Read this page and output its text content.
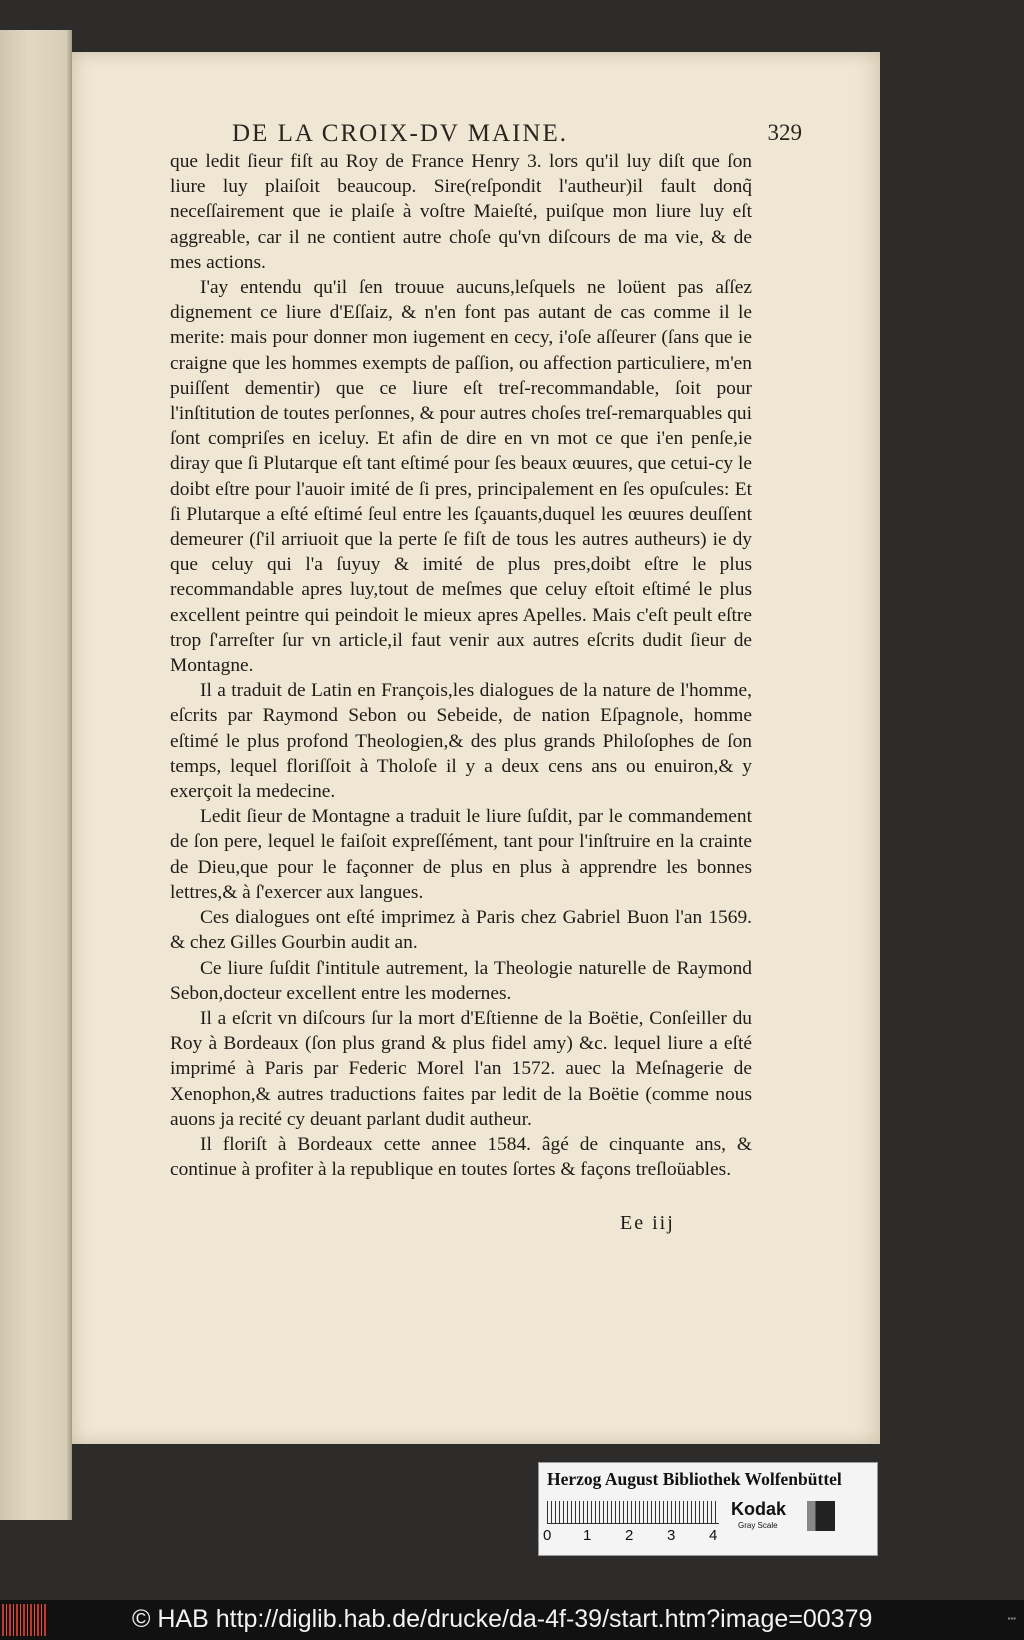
DE LA CROIX-DV MAINE.	329

que ledit ſieur fiſt au Roy de France Henry 3. lors qu'il luy diſt que ſon liure luy plaiſoit beaucoup. Sire(reſpondit l'autheur)il fault donq̃ neceſſairement que ie plaiſe à voſtre Maieſté, puiſque mon liure luy eſt aggreable, car il ne contient autre choſe qu'vn diſcours de ma vie, & de mes actions.

I'ay entendu qu'il ſen trouue aucuns,leſquels ne loüent pas aſſez dignement ce liure d'Eſſaiz, & n'en font pas autant de cas comme il le merite: mais pour donner mon iugement en cecy, i'oſe aſſeurer (ſans que ie craigne que les hommes exempts de paſſion, ou affection particuliere, m'en puiſſent dementir) que ce liure eſt treſ-recommandable, ſoit pour l'inſtitution de toutes perſonnes, & pour autres choſes treſ-remarquables qui ſont compriſes en iceluy. Et afin de dire en vn mot ce que i'en penſe,ie diray que ſi Plutarque eſt tant eſtimé pour ſes beaux œuures, que cetui-cy le doibt eſtre pour l'auoir imité de ſi pres, principalement en ſes opuſcules: Et ſi Plutarque a eſté eſtimé ſeul entre les ſçauants,duquel les œuures deuſſent demeurer (ſ'il arriuoit que la perte ſe fiſt de tous les autres autheurs) ie dy que celuy qui l'a ſuyuy & imité de plus pres,doibt eſtre le plus recommandable apres luy,tout de meſmes que celuy eſtoit eſtimé le plus excellent peintre qui peindoit le mieux apres Apelles. Mais c'eſt peult eſtre trop ſ'arreſter ſur vn article,il faut venir aux autres eſcrits dudit ſieur de Montagne.

Il a traduit de Latin en François,les dialogues de la nature de l'homme, eſcrits par Raymond Sebon ou Sebeide, de nation Eſpagnole, homme eſtimé le plus profond Theologien,& des plus grands Philoſophes de ſon temps, lequel floriſſoit à Tholoſe il y a deux cens ans ou enuiron,& y exerçoit la medecine.

Ledit ſieur de Montagne a traduit le liure ſuſdit, par le commandement de ſon pere, lequel le faiſoit expreſſément, tant pour l'inſtruire en la crainte de Dieu,que pour le façonner de plus en plus à apprendre les bonnes lettres,& à ſ'exercer aux langues.

Ces dialogues ont eſté imprimez à Paris chez Gabriel Buon l'an 1569. & chez Gilles Gourbin audit an.

Ce liure ſuſdit ſ'intitule autrement, la Theologie naturelle de Raymond Sebon,docteur excellent entre les modernes.

Il a eſcrit vn diſcours ſur la mort d'Eſtienne de la Boëtie, Conſeiller du Roy à Bordeaux (ſon plus grand & plus fidel amy) &c. lequel liure a eſté imprimé à Paris par Federic Morel l'an 1572. auec la Meſnagerie de Xenophon,& autres traductions faites par ledit de la Boëtie (comme nous auons ja recité cy deuant parlant dudit autheur.

Il floriſt à Bordeaux cette annee 1584. âgé de cinquante ans, & continue à profiter à la republique en toutes ſortes & façons treſloüables.

Ee iij
Herzog August Bibliothek Wolfenbüttel
0 1 2 3 4
Kodak
Gray Scale
© HAB http://diglib.hab.de/drucke/da-4f-39/start.htm?image=00379	▪▪▪
